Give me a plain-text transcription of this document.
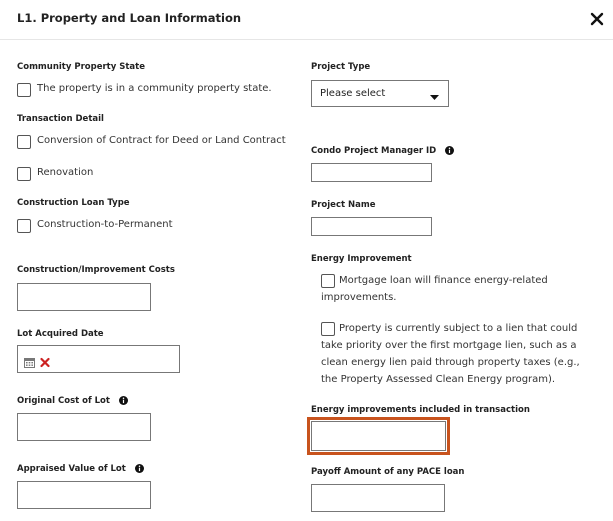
L1. Property and Loan Information
Community Property State
The property is in a community property state.
Transaction Detail
Conversion of Contract for Deed or Land Contract
Renovation
Construction Loan Type
Construction-to-Permanent
Construction/Improvement Costs
Lot Acquired Date
Original Cost of Lot
Appraised Value of Lot
Project Type
Please select
Condo Project Manager ID
Project Name
Energy Improvement
Mortgage loan will finance energy-related improvements.
Property is currently subject to a lien that could take priority over the first mortgage lien, such as a clean energy lien paid through property taxes (e.g., the Property Assessed Clean Energy program).
Energy improvements included in transaction
Payoff Amount of any PACE loan
